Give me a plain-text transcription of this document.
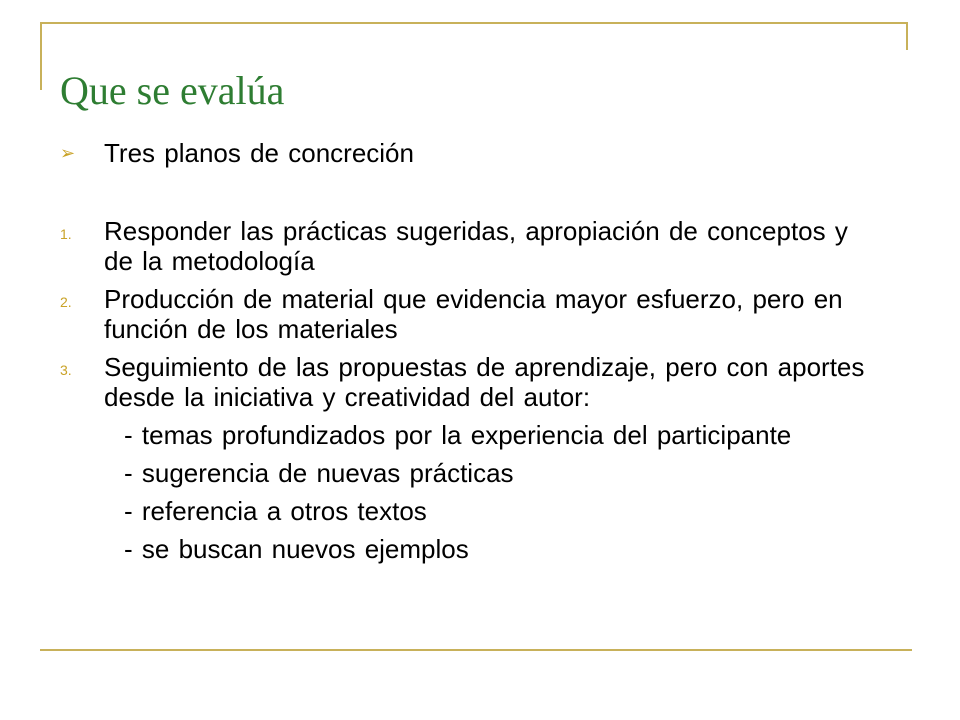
Que se evalúa
➢	Tres planos de concreción
1.	Responder las prácticas sugeridas, apropiación de conceptos y de la metodología
2.	Producción de material que evidencia mayor esfuerzo, pero en función de los materiales
3.	Seguimiento de las propuestas de aprendizaje, pero con aportes desde la iniciativa y creatividad del autor:
- temas profundizados por la experiencia del participante
- sugerencia de nuevas prácticas
- referencia a otros textos
- se buscan nuevos ejemplos
